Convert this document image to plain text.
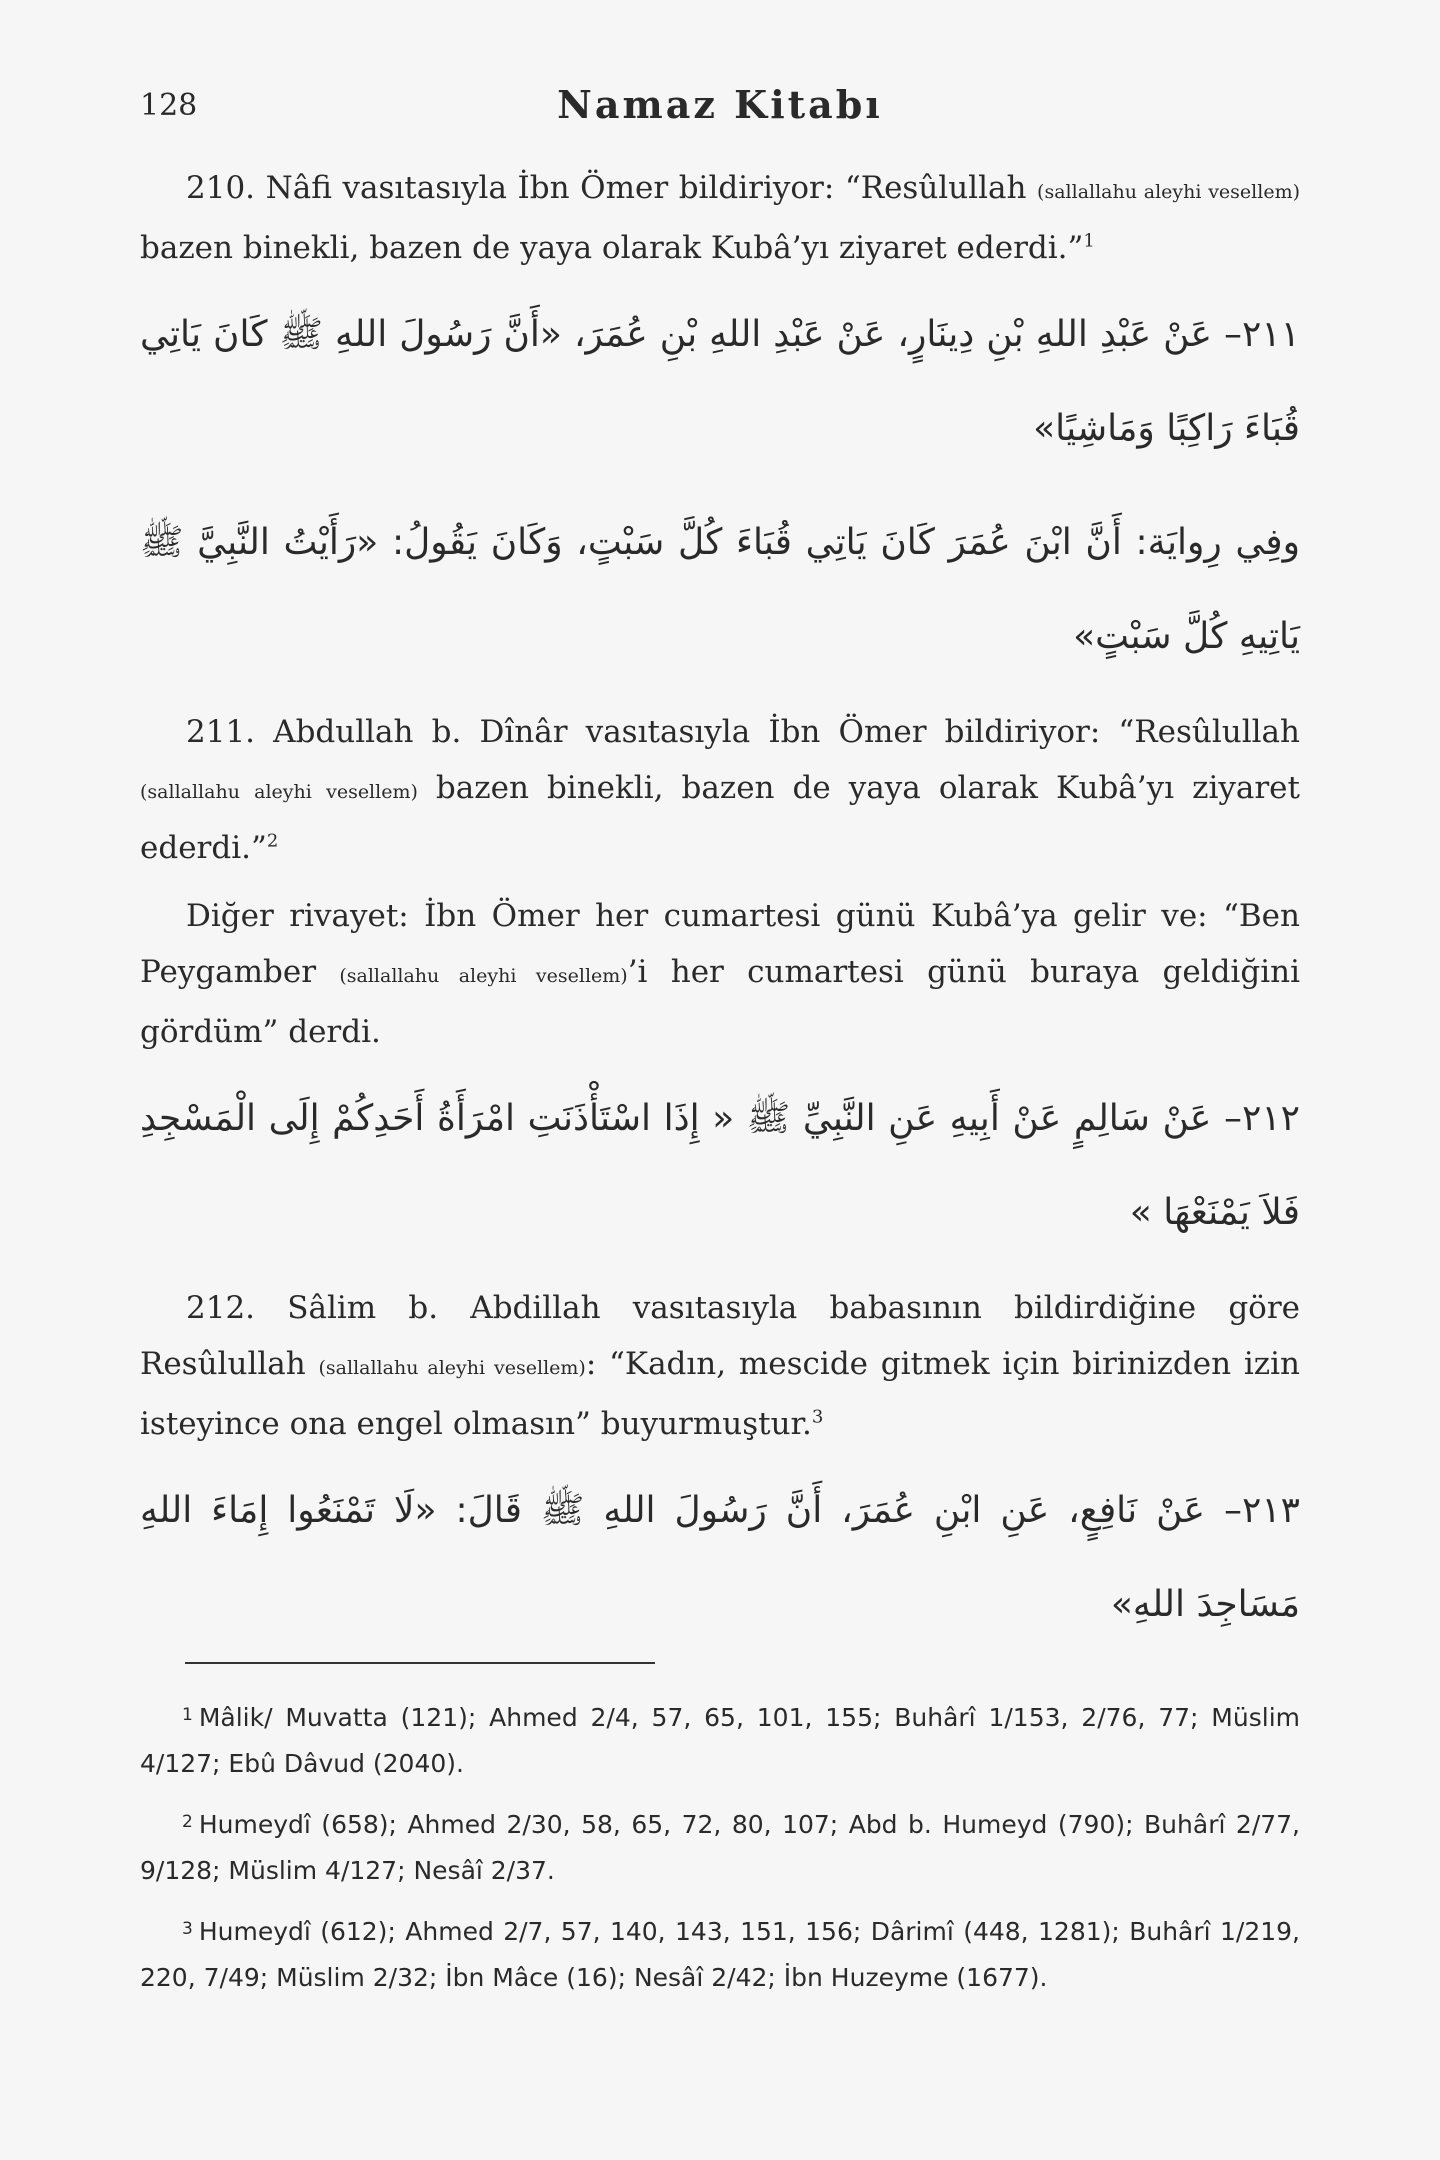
128	Namaz Kitabı

210. Nâfi vasıtasıyla İbn Ömer bildiriyor: “Resûlullah (sallallahu aleyhi vesellem) bazen binekli, bazen de yaya olarak Kubâ’yı ziyaret ederdi.”$^1$

٢١١– عَنْ عَبْدِ اللهِ بْنِ دِينَارٍ، عَنْ عَبْدِ اللهِ بْنِ عُمَرَ، «أَنَّ رَسُولَ اللهِ ﷺ كَانَ يَاتِي قُبَاءَ رَاكِبًا وَمَاشِيًا»

وفِي رِوايَة: أَنَّ ابْنَ عُمَرَ كَانَ يَاتِي قُبَاءَ كُلَّ سَبْتٍ، وَكَانَ يَقُولُ: «رَأَيْتُ النَّبِيَّ ﷺ يَاتِيهِ كُلَّ سَبْتٍ»

211. Abdullah b. Dînâr vasıtasıyla İbn Ömer bildiriyor: “Resûlullah (sallallahu aleyhi vesellem) bazen binekli, bazen de yaya olarak Kubâ’yı ziyaret ederdi.”$^2$

Diğer rivayet: İbn Ömer her cumartesi günü Kubâ’ya gelir ve: “Ben Peygamber (sallallahu aleyhi vesellem)’i her cumartesi günü buraya geldiğini gördüm” derdi.

٢١٢– عَنْ سَالِمٍ عَنْ أَبِيهِ عَنِ النَّبِيِّ ﷺ « إِذَا اسْتَأْذَنَتِ امْرَأَةُ أَحَدِكُمْ إِلَى الْمَسْجِدِ فَلاَ يَمْنَعْهَا »

212. Sâlim b. Abdillah vasıtasıyla babasının bildirdiğine göre Resûlullah (sallallahu aleyhi vesellem): “Kadın, mescide gitmek için birinizden izin isteyince ona engel olmasın” buyurmuştur.$^3$

٢١٣– عَنْ نَافِعٍ، عَنِ ابْنِ عُمَرَ، أَنَّ رَسُولَ اللهِ ﷺ قَالَ: «لَا تَمْنَعُوا إِمَاءَ اللهِ مَسَاجِدَ اللهِ»

$^1$ Mâlik/ Muvatta (121); Ahmed 2/4, 57, 65, 101, 155; Buhârî 1/153, 2/76, 77; Müslim 4/127; Ebû Dâvud (2040).

$^2$ Humeydî (658); Ahmed 2/30, 58, 65, 72, 80, 107; Abd b. Humeyd (790); Buhârî 2/77, 9/128; Müslim 4/127; Nesâî 2/37.

$^3$ Humeydî (612); Ahmed 2/7, 57, 140, 143, 151, 156; Dârimî (448, 1281); Buhârî 1/219, 220, 7/49; Müslim 2/32; İbn Mâce (16); Nesâî 2/42; İbn Huzeyme (1677).
